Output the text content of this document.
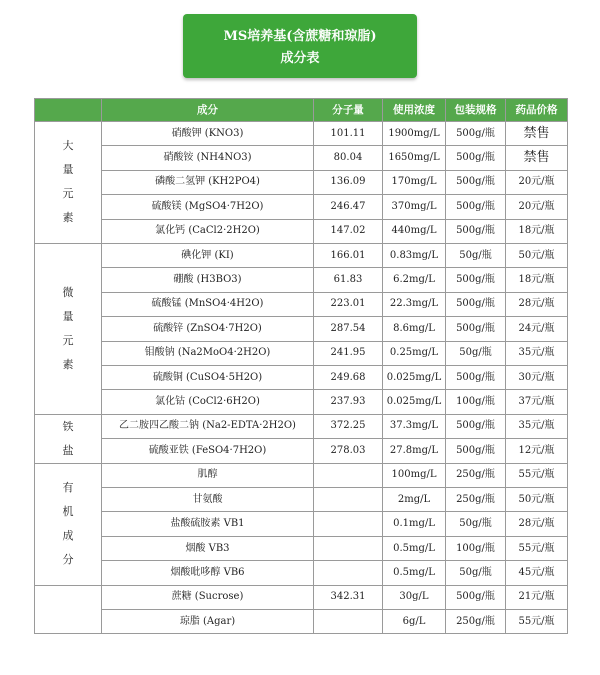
MS培养基(含蔗糖和琼脂)
成分表
	成分	分子量	使用浓度	包装规格	药品价格

大
量
元
素	硝酸钾 (KNO3)	101.11	1900mg/L	500g/瓶	禁售
	硝酸铵 (NH4NO3)	80.04	1650mg/L	500g/瓶	禁售
	磷酸二氢钾 (KH2PO4)	136.09	170mg/L	500g/瓶	20元/瓶
	硫酸镁 (MgSO4·7H2O)	246.47	370mg/L	500g/瓶	20元/瓶
	氯化钙 (CaCl2·2H2O)	147.02	440mg/L	500g/瓶	18元/瓶

微
量
元
素	碘化钾 (KI)	166.01	0.83mg/L	50g/瓶	50元/瓶
	硼酸 (H3BO3)	61.83	6.2mg/L	500g/瓶	18元/瓶
	硫酸锰 (MnSO4·4H2O)	223.01	22.3mg/L	500g/瓶	28元/瓶
	硫酸锌 (ZnSO4·7H2O)	287.54	8.6mg/L	500g/瓶	24元/瓶
	钼酸钠 (Na2MoO4·2H2O)	241.95	0.25mg/L	50g/瓶	35元/瓶
	硫酸铜 (CuSO4·5H2O)	249.68	0.025mg/L	500g/瓶	30元/瓶
	氯化钴 (CoCl2·6H2O)	237.93	0.025mg/L	100g/瓶	37元/瓶

铁
盐	乙二胺四乙酸二钠 (Na2-EDTA·2H2O)	372.25	37.3mg/L	500g/瓶	35元/瓶
	硫酸亚铁 (FeSO4·7H2O)	278.03	27.8mg/L	500g/瓶	12元/瓶

有
机
成
分	肌醇		100mg/L	250g/瓶	55元/瓶
	甘氨酸		2mg/L	250g/瓶	50元/瓶
	盐酸硫胺素 VB1		0.1mg/L	50g/瓶	28元/瓶
	烟酸 VB3		0.5mg/L	100g/瓶	55元/瓶
	烟酸吡哆醇 VB6		0.5mg/L	50g/瓶	45元/瓶
	蔗糖 (Sucrose)	342.31	30g/L	500g/瓶	21元/瓶
	琼脂 (Agar)		6g/L	250g/瓶	55元/瓶
